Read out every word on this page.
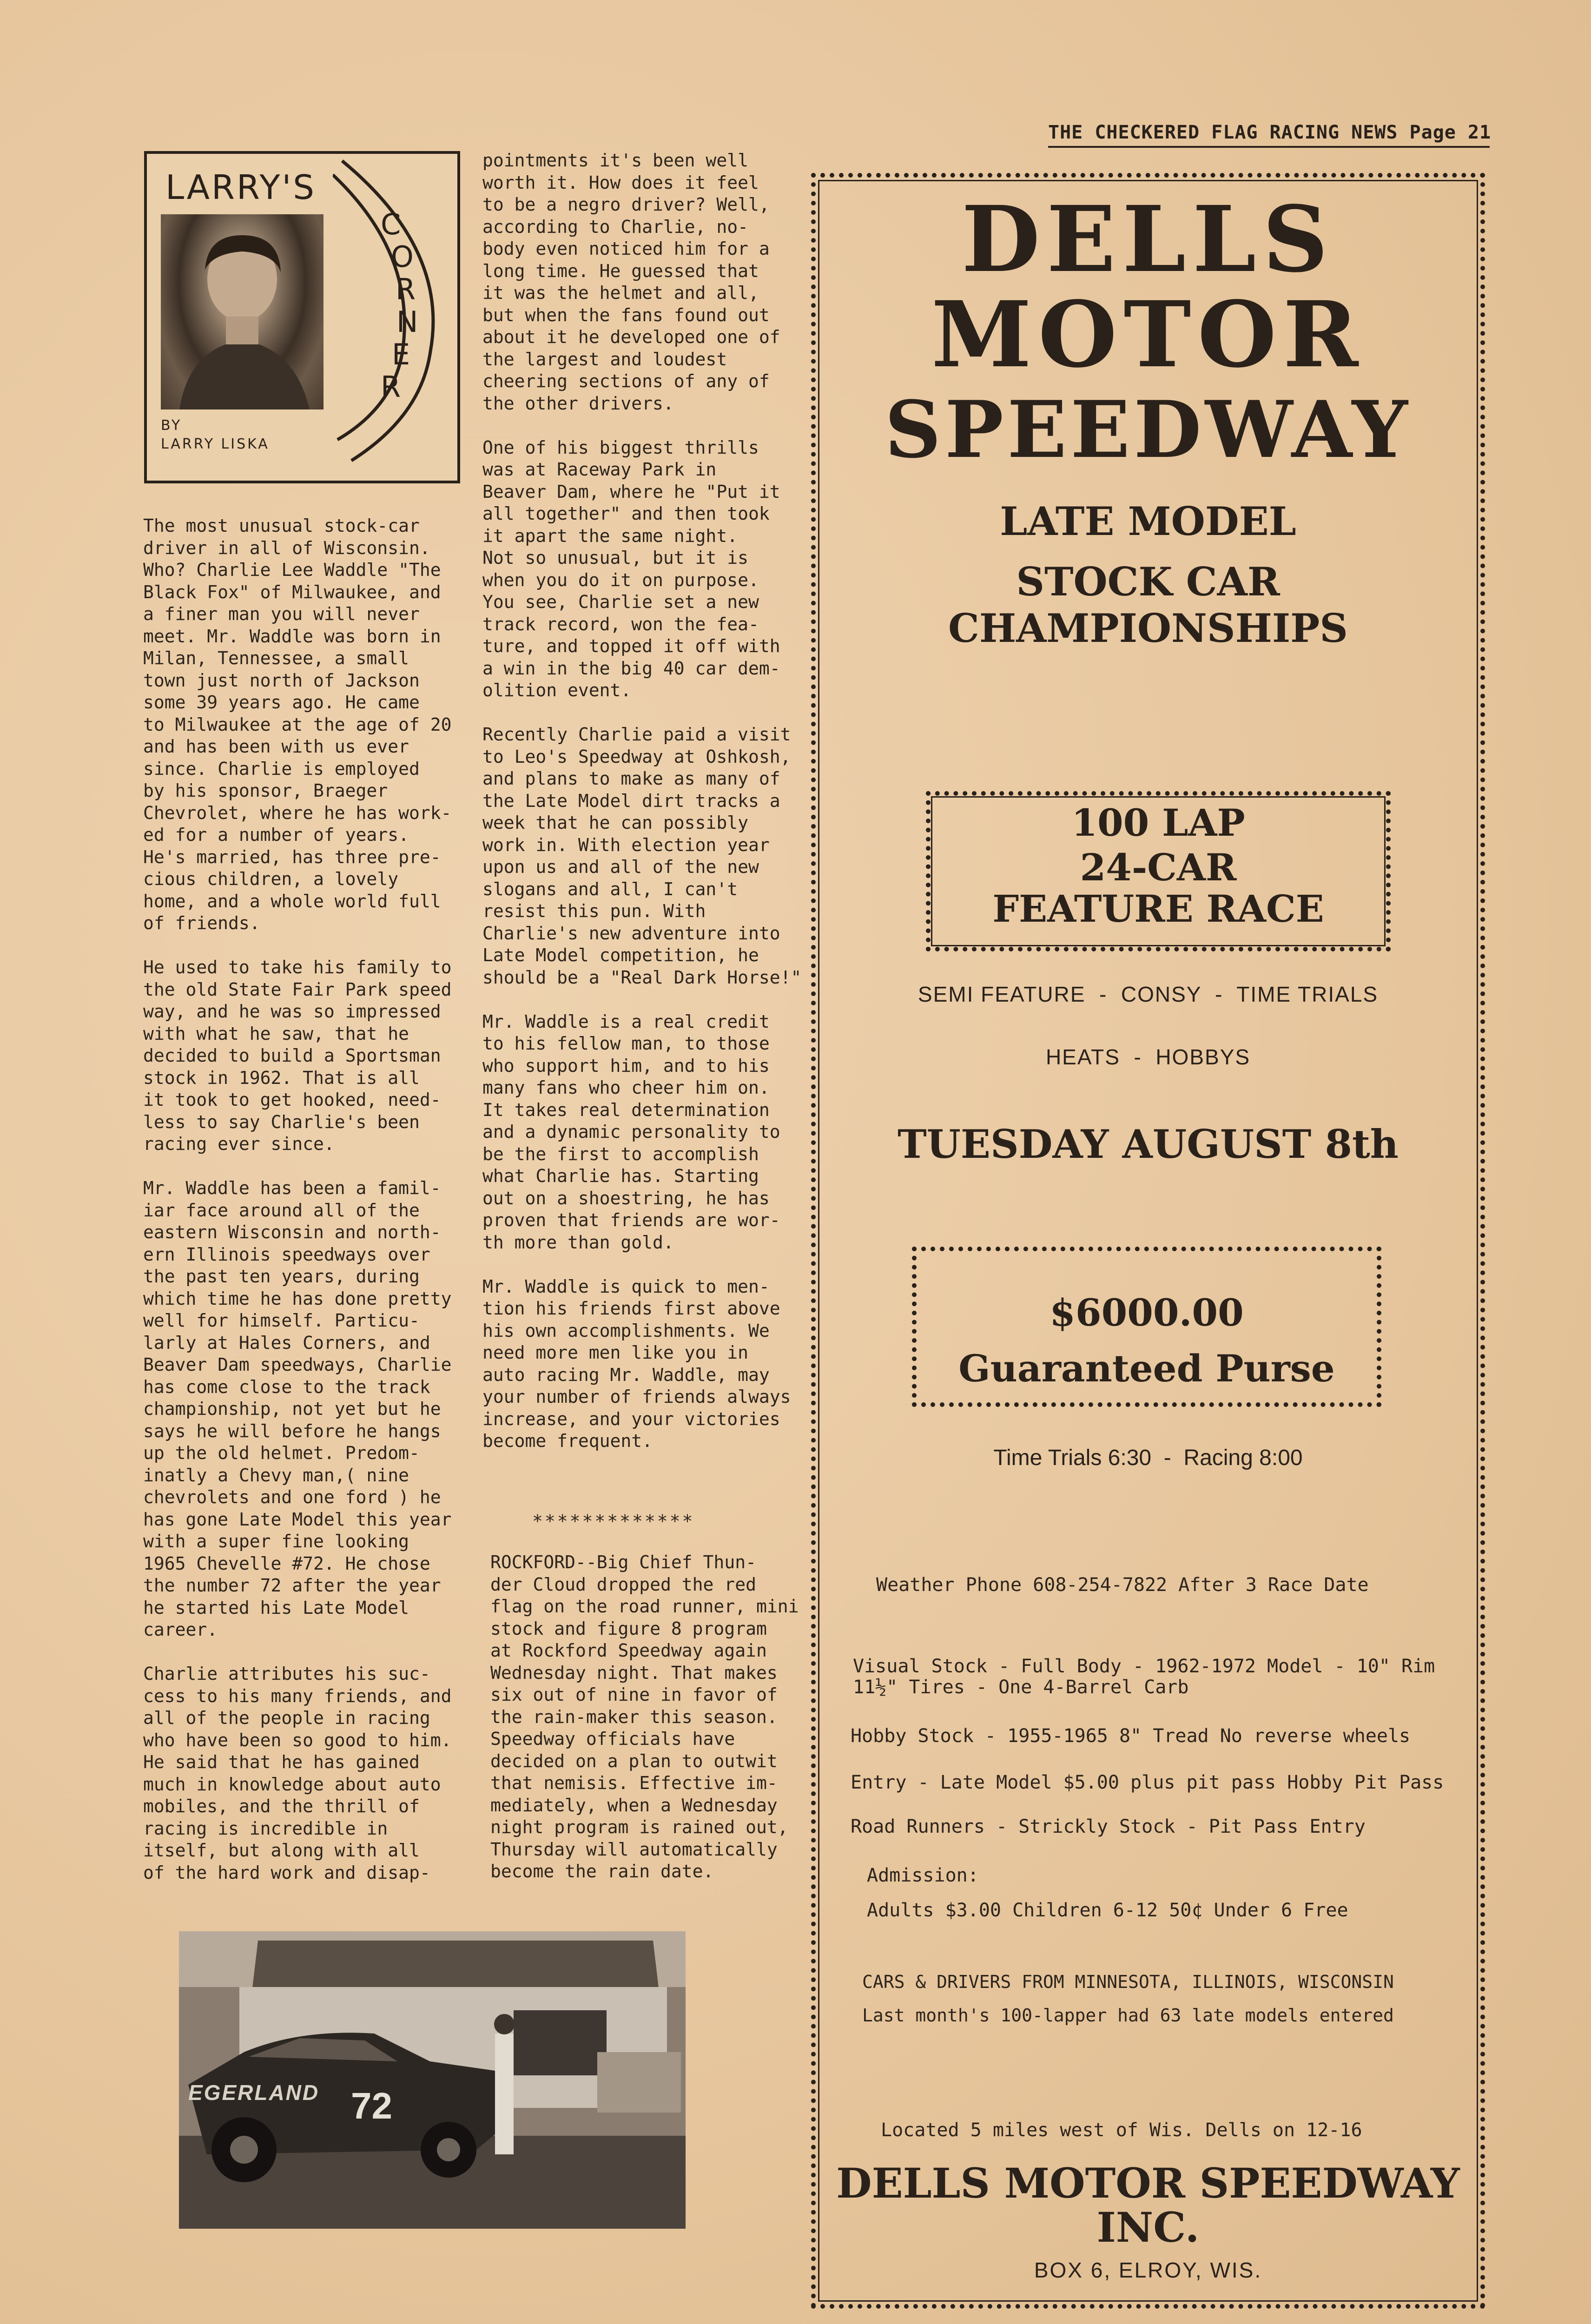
THE CHECKERED FLAG RACING NEWS Page 21
LARRY'S
C
O
R
N
E
R
BY
LARRY LISKA
The most unusual stock-car
driver in all of Wisconsin.
Who? Charlie Lee Waddle "The
Black Fox" of Milwaukee, and
a finer man you will never
meet. Mr. Waddle was born in
Milan, Tennessee, a small
town just north of Jackson
some 39 years ago. He came
to Milwaukee at the age of 20
and has been with us ever
since. Charlie is employed
by his sponsor, Braeger
Chevrolet, where he has work-
ed for a number of years.
He's married, has three pre-
cious children, a lovely
home, and a whole world full
of friends.

He used to take his family to
the old State Fair Park speed
way, and he was so impressed
with what he saw, that he
decided to build a Sportsman
stock in 1962. That is all
it took to get hooked, need-
less to say Charlie's been
racing ever since.

Mr. Waddle has been a famil-
iar face around all of the
eastern Wisconsin and north-
ern Illinois speedways over
the past ten years, during
which time he has done pretty
well for himself. Particu-
larly at Hales Corners, and
Beaver Dam speedways, Charlie
has come close to the track
championship, not yet but he
says he will before he hangs
up the old helmet. Predom-
inatly a Chevy man,( nine
chevrolets and one ford ) he
has gone Late Model this year
with a super fine looking
1965 Chevelle #72. He chose
the number 72 after the year
he started his Late Model
career.

Charlie attributes his suc-
cess to his many friends, and
all of the people in racing
who have been so good to him.
He said that he has gained
much in knowledge about auto
mobiles, and the thrill of
racing is incredible in
itself, but along with all
of the hard work and disap-
pointments it's been well
worth it. How does it feel
to be a negro driver? Well,
according to Charlie, no-
body even noticed him for a
long time. He guessed that
it was the helmet and all,
but when the fans found out
about it he developed one of
the largest and loudest
cheering sections of any of
the other drivers.

One of his biggest thrills
was at Raceway Park in
Beaver Dam, where he "Put it
all together" and then took
it apart the same night.
Not so unusual, but it is
when you do it on purpose.
You see, Charlie set a new
track record, won the fea-
ture, and topped it off with
a win in the big 40 car dem-
olition event.

Recently Charlie paid a visit
to Leo's Speedway at Oshkosh,
and plans to make as many of
the Late Model dirt tracks a
week that he can possibly
work in. With election year
upon us and all of the new
slogans and all, I can't
resist this pun. With
Charlie's new adventure into
Late Model competition, he
should be a "Real Dark Horse!"

Mr. Waddle is a real credit
to his fellow man, to those
who support him, and to his
many fans who cheer him on.
It takes real determination
and a dynamic personality to
be the first to accomplish
what Charlie has. Starting
out on a shoestring, he has
proven that friends are wor-
th more than gold.

Mr. Waddle is quick to men-
tion his friends first above
his own accomplishments. We
need more men like you in
auto racing Mr. Waddle, may
your number of friends always
increase, and your victories
become frequent.
*************
ROCKFORD--Big Chief Thun-
der Cloud dropped the red
flag on the road runner, mini
stock and figure 8 program
at Rockford Speedway again
Wednesday night. That makes
six out of nine in favor of
the rain-maker this season.
Speedway officials have
decided on a plan to outwit
that nemisis. Effective im-
mediately, when a Wednesday
night program is rained out,
Thursday will automatically
become the rain date.
EGERLAND 72
DELLS
MOTOR
SPEEDWAY
LATE MODEL
STOCK CAR CHAMPIONSHIPS
100 LAP
24-CAR
FEATURE RACE
SEMI FEATURE  -  CONSY  -  TIME TRIALS
HEATS  -  HOBBYS
TUESDAY AUGUST 8th
$6000.00
Guaranteed Purse
Time Trials 6:30  -  Racing 8:00
Weather Phone 608-254-7822 After 3 Race Date
Visual Stock - Full Body - 1962-1972 Model - 10" Rim
11½" Tires - One 4-Barrel Carb
Hobby Stock - 1955-1965 8" Tread No reverse wheels
Entry - Late Model $5.00 plus pit pass Hobby Pit Pass
Road Runners - Strickly Stock - Pit Pass Entry
Admission:
Adults $3.00 Children 6-12 50¢ Under 6 Free
CARS & DRIVERS FROM MINNESOTA, ILLINOIS, WISCONSIN
Last month's 100-lapper had 63 late models entered
Located 5 miles west of Wis. Dells on 12-16
DELLS MOTOR SPEEDWAY
INC.
BOX 6, ELROY, WIS.
